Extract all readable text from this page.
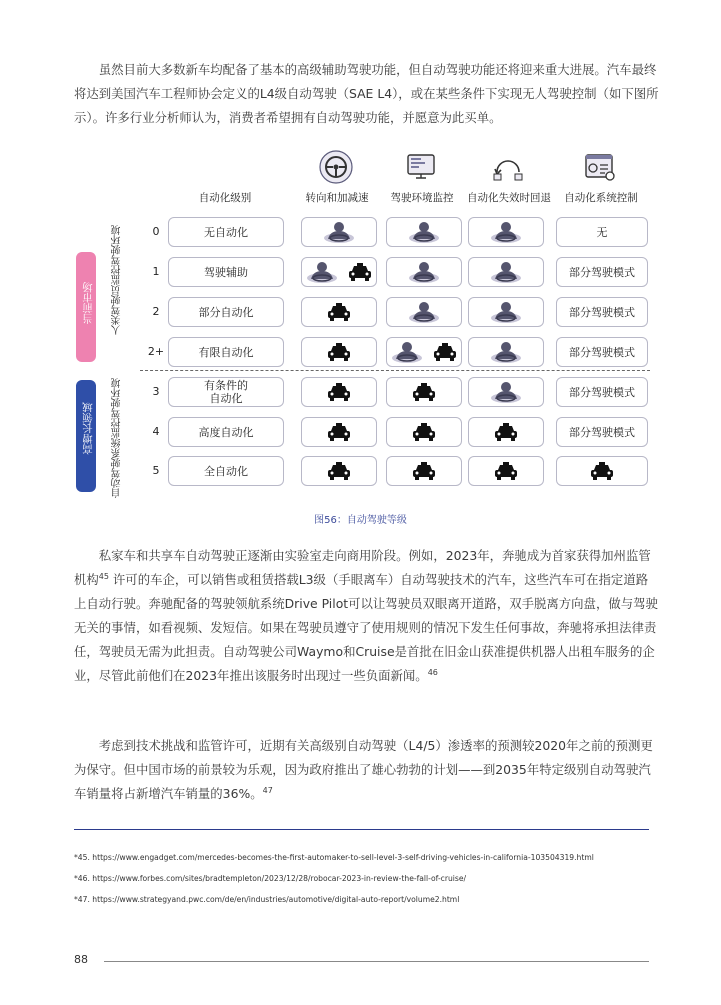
　　虽然目前大多数新车均配备了基本的高级辅助驾驶功能，但自动驾驶功能还将迎来重大进展。汽车最终将达到美国汽车工程师协会定义的L4级自动驾驶（SAE L4），或在某些条件下实现无人驾驶控制（如下图所示）。许多行业分析师认为，消费者希望拥有自动驾驶功能，并愿意为此买单。

自动化级别	转向和加减速	驾驶环境监控	自动化失效时回退	自动化系统控制
当前市场
高增长领域
人类驾驶员监控驾驶环境
自动驾驶系统监控驾驶环境
0	无自动化	无
1	驾驶辅助	部分驾驶模式
2	部分自动化	部分驾驶模式
2+	有限自动化	部分驾驶模式
3	有条件的
自动化	部分驾驶模式
4	高度自动化	部分驾驶模式
5	全自动化
图56：自动驾驶等级

　　私家车和共享车自动驾驶正逐渐由实验室走向商用阶段。例如，2023年，奔驰成为首家获得加州监管机构$^{45}$ 许可的车企，可以销售或租赁搭载L3级（手眼离车）自动驾驶技术的汽车，这些汽车可在指定道路上自动行驶。奔驰配备的驾驶领航系统Drive Pilot可以让驾驶员双眼离开道路，双手脱离方向盘，做与驾驶无关的事情，如看视频、发短信。如果在驾驶员遵守了使用规则的情况下发生任何事故，奔驰将承担法律责任，驾驶员无需为此担责。自动驾驶公司Waymo和Cruise是首批在旧金山获准提供机器人出租车服务的企业，尽管此前他们在2023年推出该服务时出现过一些负面新闻。$^{46}$

　　考虑到技术挑战和监管许可，近期有关高级别自动驾驶（L4/5）渗透率的预测较2020年之前的预测更为保守。但中国市场的前景较为乐观，因为政府推出了雄心勃勃的计划——到2035年特定级别自动驾驶汽车销量将占新增汽车销量的36%。$^{47}$

*45. https://www.engadget.com/mercedes-becomes-the-first-automaker-to-sell-level-3-self-driving-vehicles-in-california-103504319.html
*46. https://www.forbes.com/sites/bradtempleton/2023/12/28/robocar-2023-in-review-the-fall-of-cruise/
*47. https://www.strategyand.pwc.com/de/en/industries/automotive/digital-auto-report/volume2.html
88
